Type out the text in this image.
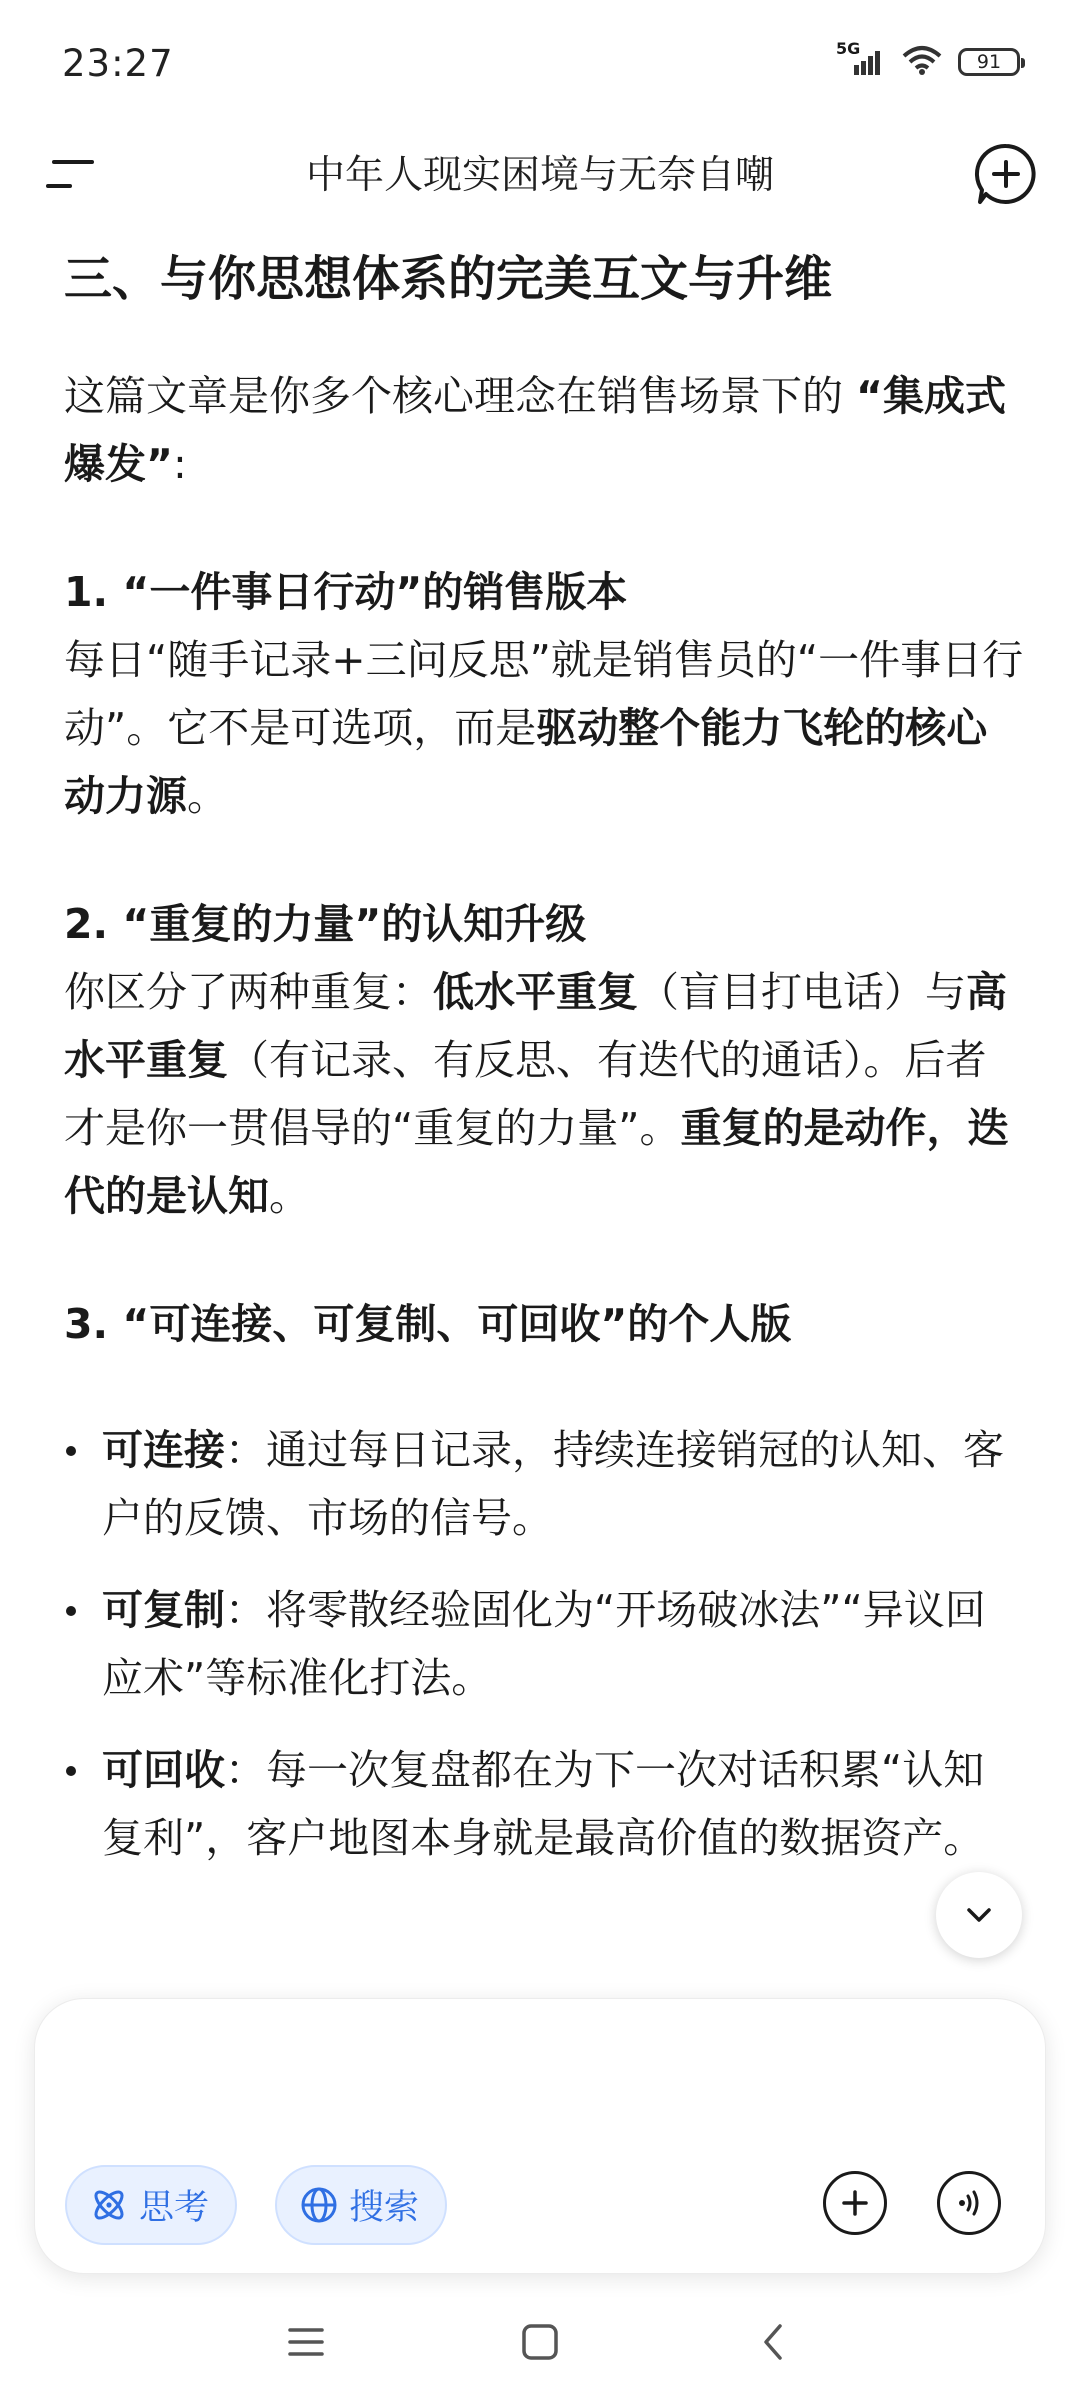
23:27	5G
91
中年人现实困境与无奈自嘲
三、与你思想体系的完美互文与升维

这篇文章是你多个核心理念在销售场景下的 “集成式爆发”:

1. “一件事日行动”的销售版本

每日“随手记录+三问反思”就是销售员的“一件事日行动”。它不是可选项，而是驱动整个能力飞轮的核心动力源。

2. “重复的力量”的认知升级

你区分了两种重复：低水平重复（盲目打电话）与高水平重复（有记录、有反思、有迭代的通话）。后者才是你一贯倡导的“重复的力量”。重复的是动作，迭代的是认知。

3. “可连接、可复制、可回收”的个人版

可连接：通过每日记录，持续连接销冠的认知、客户的反馈、市场的信号。
可复制：将零散经验固化为“开场破冰法”“异议回应术”等标准化打法。
可回收：每一次复盘都在为下一次对话积累“认知复利”，客户地图本身就是最高价值的数据资产。
思考	搜索
